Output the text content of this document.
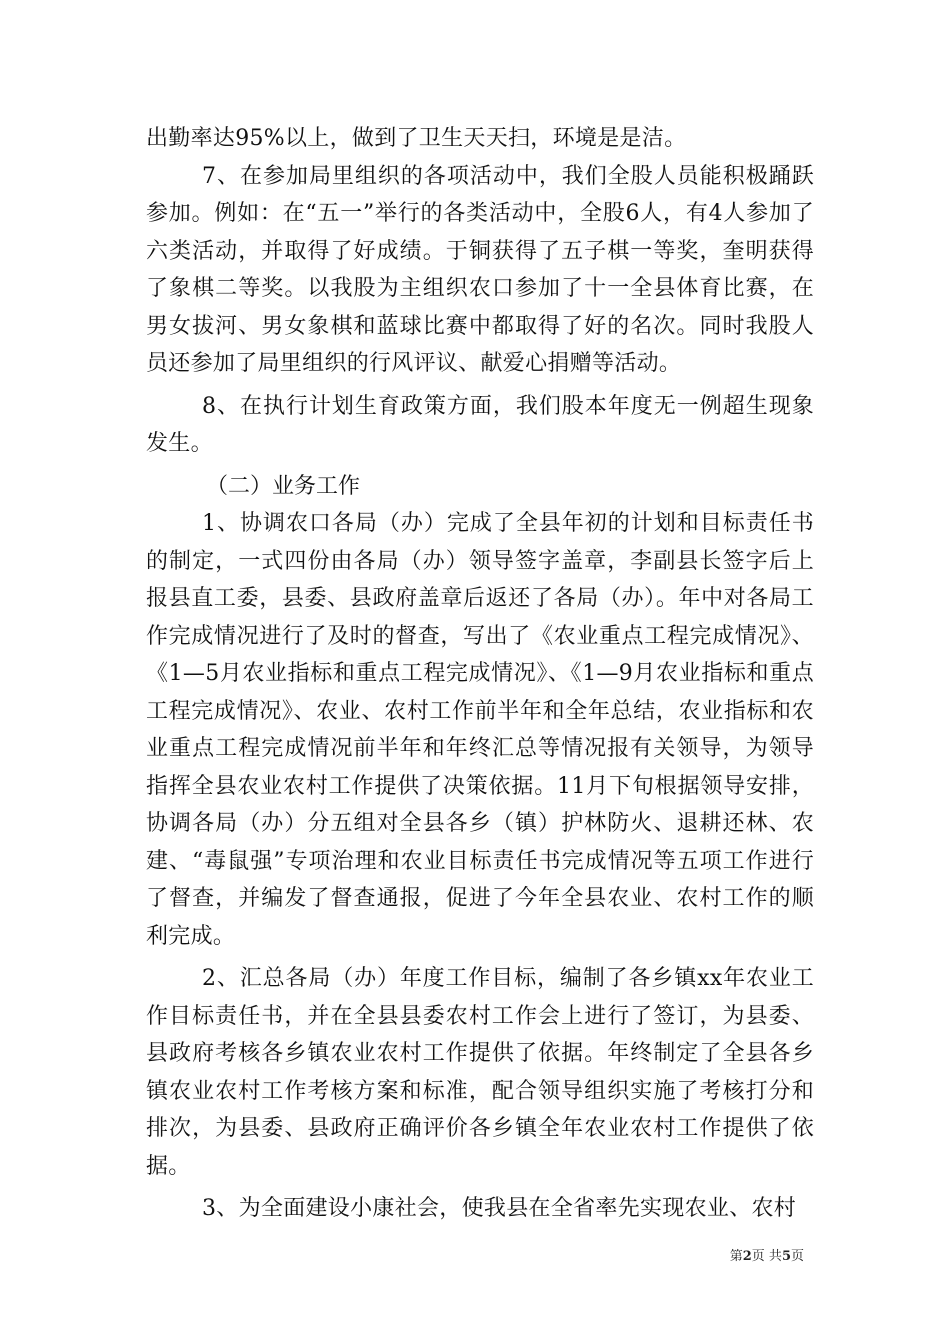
出勤率达95%以上，做到了卫生天天扫，环境是是洁。

7、在参加局里组织的各项活动中，我们全股人员能积极踊跃参加。例如：在“五一”举行的各类活动中，全股6人，有4人参加了六类活动，并取得了好成绩。于铜获得了五子棋一等奖，奎明获得了象棋二等奖。以我股为主组织农口参加了十一全县体育比赛，在男女拔河、男女象棋和蓝球比赛中都取得了好的名次。同时我股人员还参加了局里组织的行风评议、献爱心捐赠等活动。

8、在执行计划生育政策方面，我们股本年度无一例超生现象发生。

（二）业务工作

1、协调农口各局（办）完成了全县年初的计划和目标责任书的制定，一式四份由各局（办）领导签字盖章，李副县长签字后上报县直工委，县委、县政府盖章后返还了各局（办）。年中对各局工作完成情况进行了及时的督查，写出了《农业重点工程完成情况》、《1—5月农业指标和重点工程完成情况》、《1—9月农业指标和重点工程完成情况》、农业、农村工作前半年和全年总结，农业指标和农业重点工程完成情况前半年和年终汇总等情况报有关领导，为领导指挥全县农业农村工作提供了决策依据。11月下旬根据领导安排，协调各局（办）分五组对全县各乡（镇）护林防火、退耕还林、农建、“毒鼠强”专项治理和农业目标责任书完成情况等五项工作进行了督查，并编发了督查通报，促进了今年全县农业、农村工作的顺利完成。

2、汇总各局（办）年度工作目标，编制了各乡镇xx年农业工作目标责任书，并在全县县委农村工作会上进行了签订，为县委、县政府考核各乡镇农业农村工作提供了依据。年终制定了全县各乡镇农业农村工作考核方案和标准，配合领导组织实施了考核打分和排次，为县委、县政府正确评价各乡镇全年农业农村工作提供了依据。

3、为全面建设小康社会，使我县在全省率先实现农业、农村

第2页 共5页
